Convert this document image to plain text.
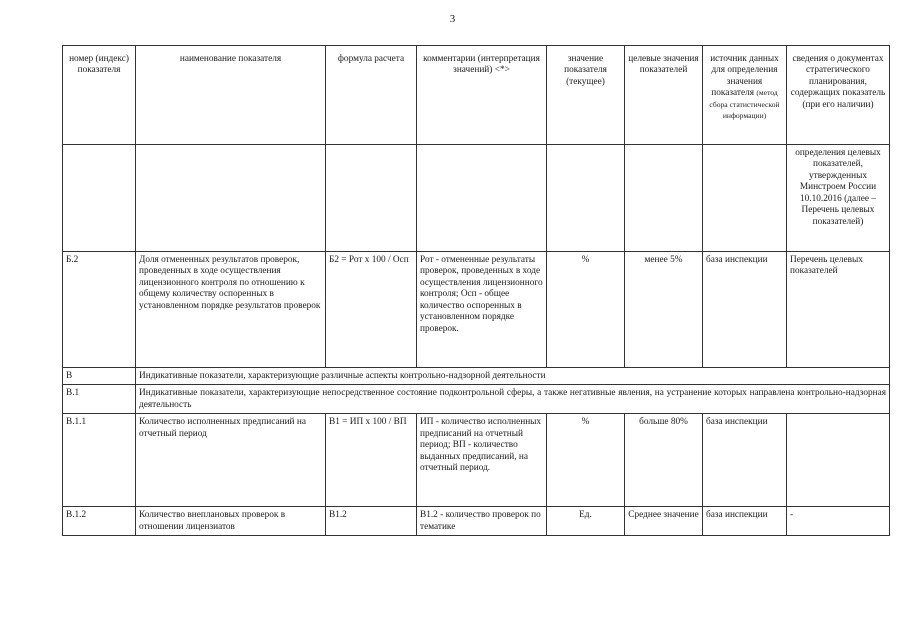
3
номер (индекс) показателя	наименование показателя	формула расчета	комментарии (интерпретация значений) <*>	значение показателя (текущее)	целевые значения показателей	источник данных для определения значения показателя (метод сбора статистической информации)	сведения о документах стратегического планирования, содержащих показатель (при его наличии)
							определения целевых показателей, утвержденных Минстроем России 10.10.2016 (далее – Перечень целевых показателей)
Б.2	Доля отмененных результатов проверок, проведенных в ходе осуществления лицензионного контроля по отношению к общему количеству оспоренных в установленном порядке результатов проверок	Б2 = Рот x 100 / Осп	Рот - отмененные результаты проверок, проведенных в ходе осуществления лицензионного контроля; Осп - общее количество оспоренных в установленном порядке проверок.	%	менее 5%	база инспекции	Перечень целевых показателей
В	Индикативные показатели, характеризующие различные аспекты контрольно-надзорной деятельности						
В.1	Индикативные показатели, характеризующие непосредственное состояние подконтрольной сферы, а также негативные явления, на устранение которых направлена контрольно-надзорная деятельность						
В.1.1	Количество исполненных предписаний на отчетный период	В1 = ИП x 100 / ВП	ИП - количество исполненных предписаний на отчетный период; ВП - количество выданных предписаний, на отчетный период.	%	больше 80%	база инспекции	
В.1.2	Количество внеплановых проверок в отношении лицензиатов	В1.2	В1.2 - количество проверок по тематике	Ед.	Среднее значение	база инспекции	-
